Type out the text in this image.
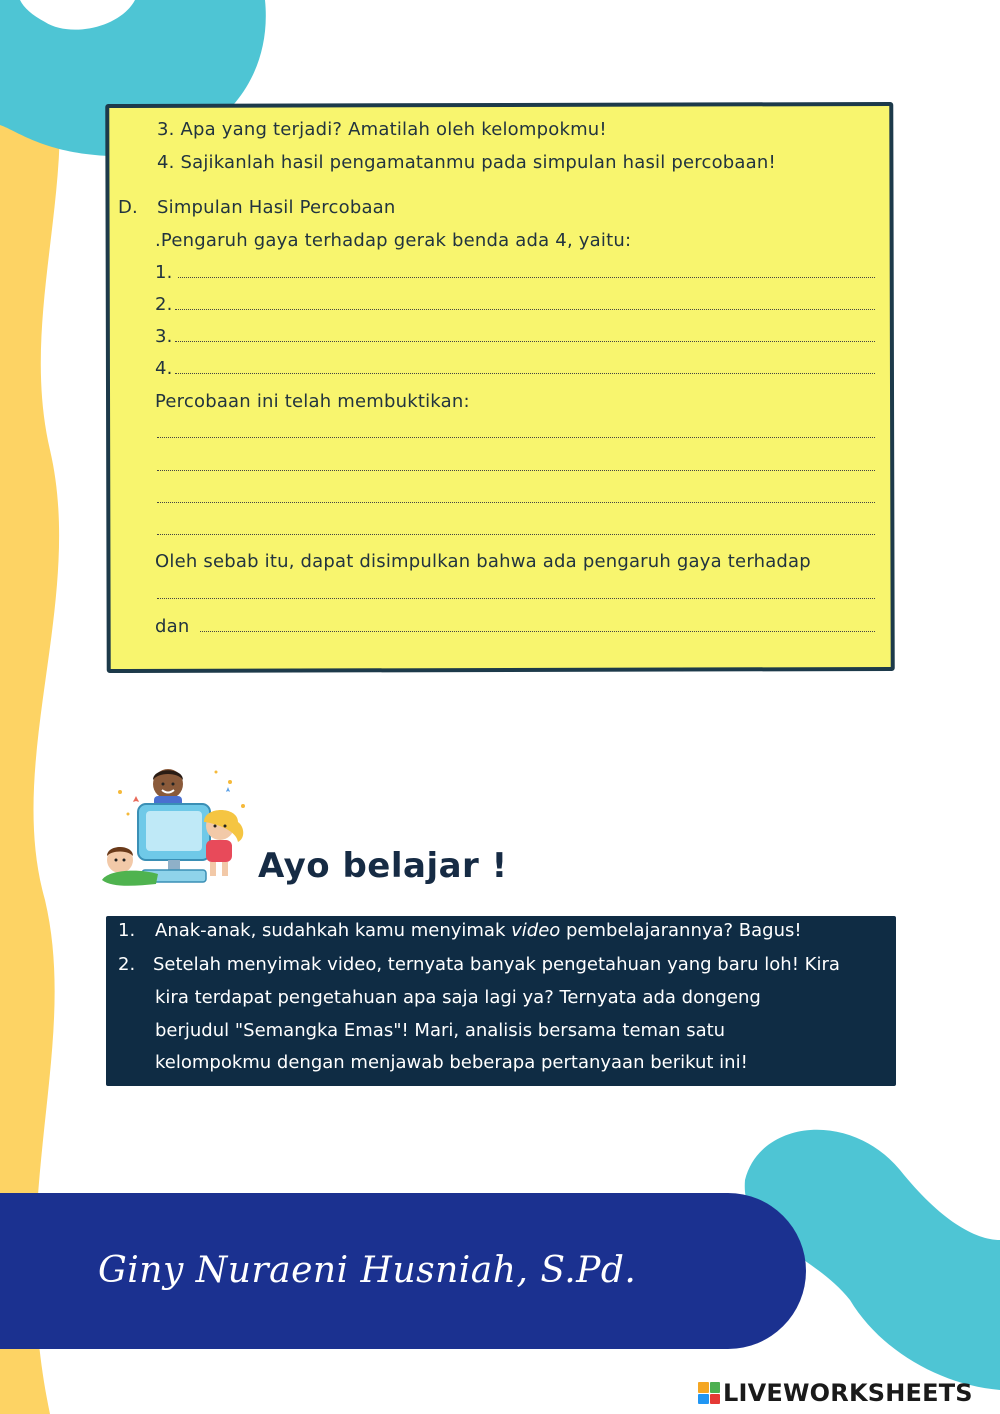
3. Apa yang terjadi? Amatilah oleh kelompokmu!
4. Sajikanlah hasil pengamatanmu pada simpulan hasil percobaan!
D. Simpulan Hasil Percobaan
.Pengaruh gaya terhadap gerak benda ada 4, yaitu:
1.
2.
3.
4.
Percobaan ini telah membuktikan:
Oleh sebab itu, dapat disimpulkan bahwa ada pengaruh gaya terhadap
dan
Ayo belajar !
1. Anak-anak, sudahkah kamu menyimak video pembelajarannya? Bagus!
2. Setelah menyimak video, ternyata banyak pengetahuan yang baru loh! Kira
kira terdapat pengetahuan apa saja lagi ya? Ternyata ada dongeng
berjudul "Semangka Emas"! Mari, analisis bersama teman satu
kelompokmu dengan menjawab beberapa pertanyaan berikut ini!
Giny Nuraeni Husniah, S.Pd.
LIVEWORKSHEETS
